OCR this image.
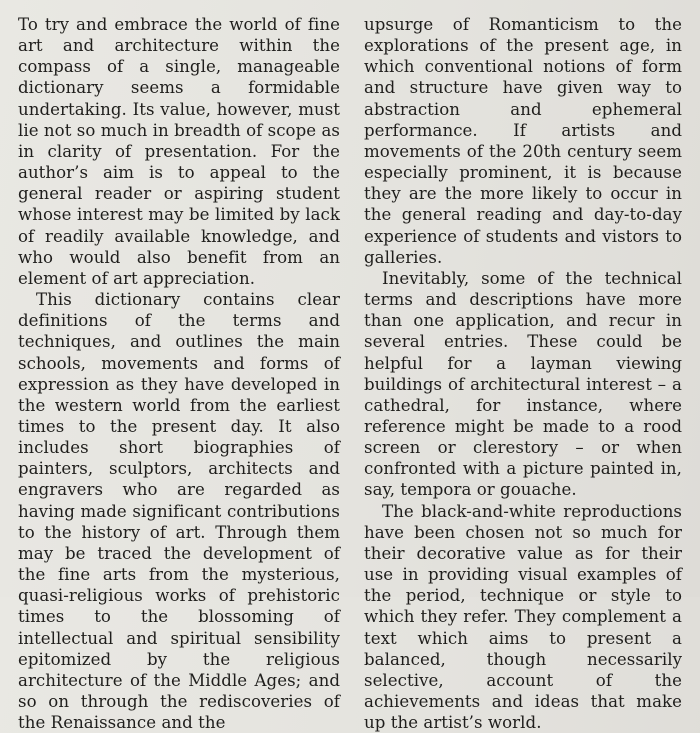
To try and embrace the world of fine art and architecture within the compass of a single, manageable dictionary seems a formidable undertaking. Its value, however, must lie not so much in breadth of scope as in clarity of presentation. For the author’s aim is to appeal to the general reader or aspiring student whose interest may be limited by lack of readily available knowledge, and who would also benefit from an element of art appreciation.

This dictionary contains clear definitions of the terms and techniques, and outlines the main schools, movements and forms of expression as they have developed in the western world from the earliest times to the present day. It also includes short biographies of painters, sculptors, architects and engravers who are regarded as having made significant contributions to the history of art. Through them may be traced the development of the fine arts from the mysterious, quasi-religious works of prehistoric times to the blossoming of intellectual and spiritual sensibility epitomized by the religious architecture of the Middle Ages; and so on through the rediscoveries of the Renaissance and the

upsurge of Romanticism to the explorations of the present age, in which conventional notions of form and structure have given way to abstraction and ephemeral performance. If artists and movements of the 20th century seem especially prominent, it is because they are the more likely to occur in the general reading and day-to-day experience of students and vistors to galleries.

Inevitably, some of the technical terms and descriptions have more than one application, and recur in several entries. These could be helpful for a layman viewing buildings of architectural interest – a cathedral, for instance, where reference might be made to a rood screen or clerestory – or when confronted with a picture painted in, say, tempora or gouache.

The black-and-white reproductions have been chosen not so much for their decorative value as for their use in providing visual examples of the period, technique or style to which they refer. They complement a text which aims to present a balanced, though necessarily selective, account of the achievements and ideas that make up the artist’s world.
